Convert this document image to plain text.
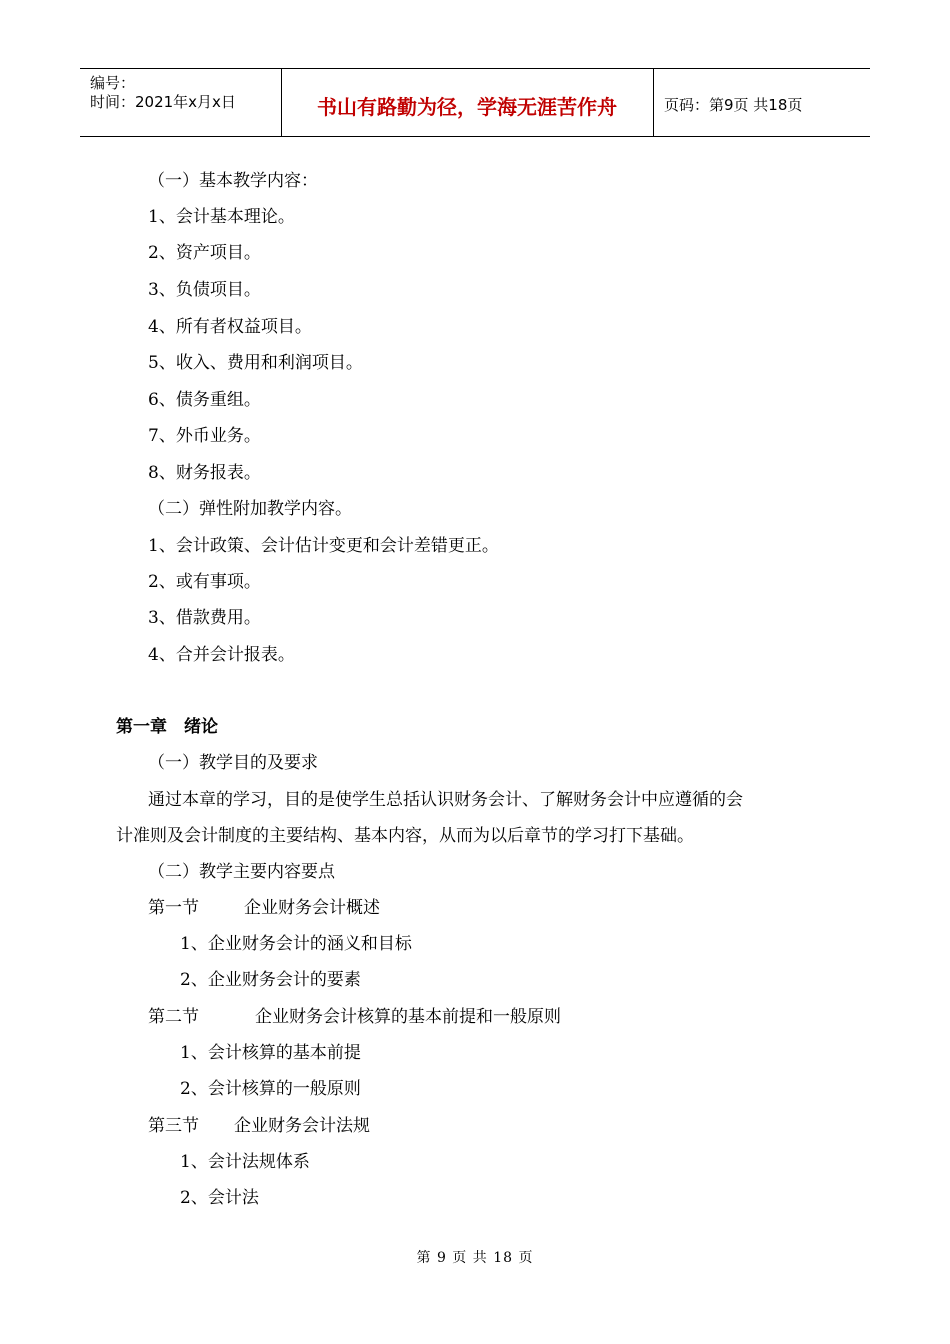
编号：
时间：2021年x月x日	书山有路勤为径，学海无涯苦作舟	页码：第9页 共18页
（一）基本教学内容：
1、会计基本理论。
2、资产项目。
3、负债项目。
4、所有者权益项目。
5、收入、费用和利润项目。
6、债务重组。
7、外币业务。
8、财务报表。
（二）弹性附加教学内容。
1、会计政策、会计估计变更和会计差错更正。
2、或有事项。
3、借款费用。
4、合并会计报表。
第一章　绪论
（一）教学目的及要求
通过本章的学习，目的是使学生总括认识财务会计、了解财务会计中应遵循的会
计准则及会计制度的主要结构、基本内容，从而为以后章节的学习打下基础。
（二）教学主要内容要点
第一节	企业财务会计概述
1、企业财务会计的涵义和目标
2、企业财务会计的要素
第二节	企业财务会计核算的基本前提和一般原则
1、会计核算的基本前提
2、会计核算的一般原则
第三节 企业财务会计法规
1、会计法规体系
2、会计法
第 9 页 共 18 页
